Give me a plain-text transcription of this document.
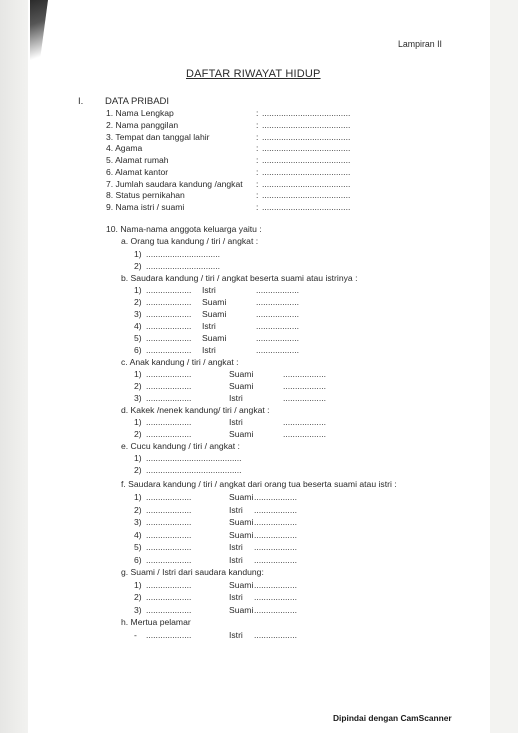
Lampiran II
DAFTAR RIWAYAT HIDUP
I. DATA PRIBADI
1. Nama Lengkap	: .....................................
2. Nama panggilan	: .....................................
3. Tempat dan tanggal lahir	: .....................................
4. Agama	: .....................................
5. Alamat rumah	: .....................................
6. Alamat kantor	: .....................................
7. Jumlah saudara kandung /angkat : .....................................
8. Status pernikahan	: .....................................
9. Nama istri / suami	: .....................................
10. Nama-nama anggota keluarga yaitu :
a. Orang tua kandung / tiri / angkat :
1) ...............................
2) ...............................
b. Saudara kandung / tiri / angkat beserta suami atau istrinya :
1) ................... Istri	..................
2) ................... Suami	..................
3) ................... Suami	..................
4) ................... Istri	..................
5) ................... Suami	..................
6) ................... Istri	..................
c. Anak kandung / tiri / angkat :
1) ...................	Suami	..................
2) ...................	Suami	..................
3) ...................	Istri	..................
d. Kakek /nenek kandung/ tiri / angkat :
1) ...................	Istri	..................
2) ...................	Suami	..................
e. Cucu kandung / tiri / angkat :
1) ........................................
2) ........................................
f. Saudara kandung / tiri / angkat dari orang tua beserta suami atau istri :
1) ...................	Suami ..................
2) ...................	Istri ..................
3) ...................	Suami ..................
4) ...................	Suami ..................
5) ...................	Istri ..................
6) ...................	Istri ..................
g. Suami / Istri dari saudara kandung:
1) ...................	Suami ..................
2) ...................	Istri ..................
3) ...................	Suami ..................
h. Mertua pelamar
- ...................	Istri ..................
Dipindai dengan CamScanner
